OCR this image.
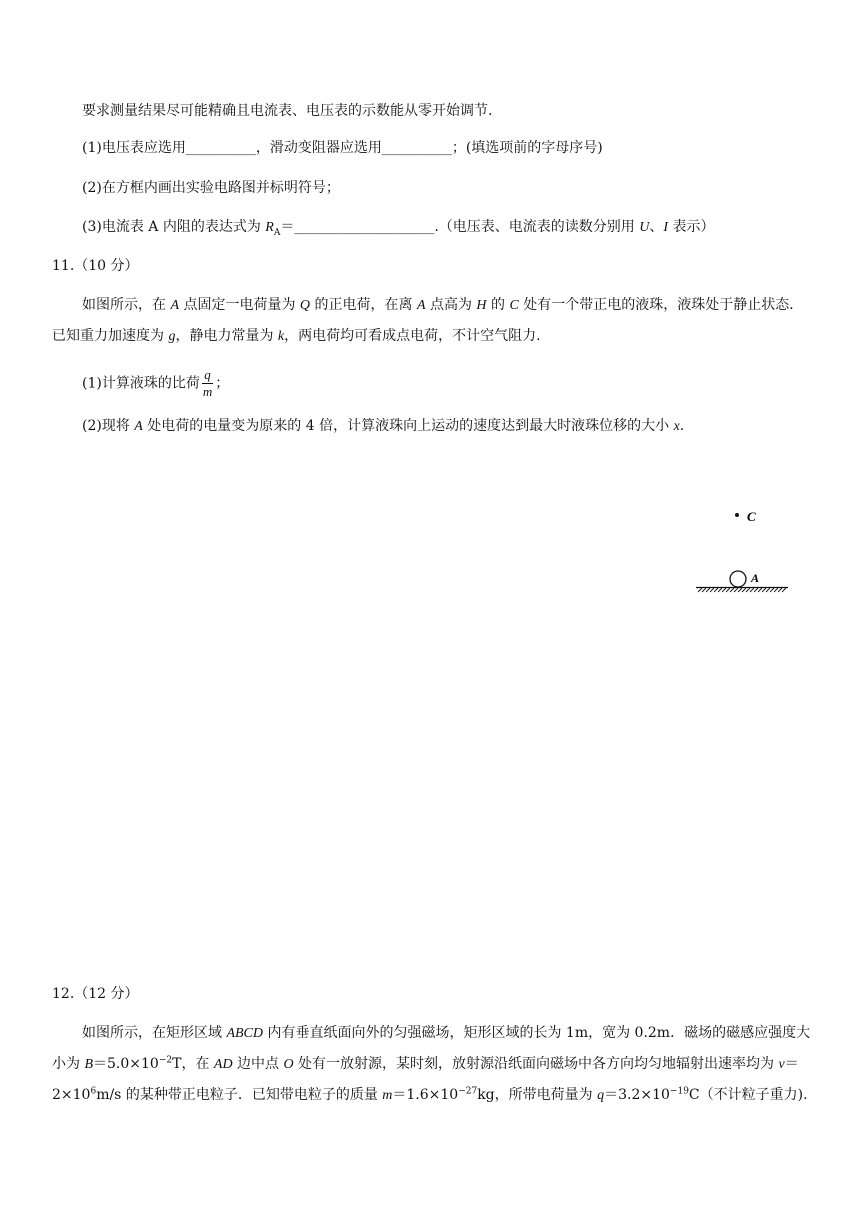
要求测量结果尽可能精确且电流表、电压表的示数能从零开始调节.
(1)电压表应选用__________，滑动变阻器应选用__________；(填选项前的字母序号)
(2)在方框内画出实验电路图并标明符号；
(3)电流表 A 内阻的表达式为 $R_A=\_\_\_\_\_\_\_\_\_\_\_\_\_\_\_\_\_\_\_\_$.（电压表、电流表的读数分别用 U、I 表示）
11.（10 分）
如图所示，在 A 点固定一电荷量为 Q 的正电荷，在离 A 点高为 H 的 C 处有一个带正电的液珠，液珠处于静止状态．已知重力加速度为 g，静电力常量为 k，两电荷均可看成点电荷，不计空气阻力.
(1)计算液珠的比荷 $\frac{q}{m}$ ；
(2)现将 A 处电荷的电量变为原来的 4 倍，计算液珠向上运动的速度达到最大时液珠位移的大小 x.
C
A
12.（12 分）
如图所示，在矩形区域 ABCD 内有垂直纸面向外的匀强磁场，矩形区域的长为 1m，宽为 0.2m．磁场的磁感应强度大小为 $B=5.0\times 10^{-2}T$，在 AD 边中点 O 处有一放射源，某时刻，放射源沿纸面向磁场中各方向均匀地辐射出速率均为 $v=2\times 10^6m/s$ 的某种带正电粒子．已知带电粒子的质量 $m=1.6\times 10^{-27}kg$，所带电荷量为 $q=3.2\times 10^{-19}C$（不计粒子重力).
